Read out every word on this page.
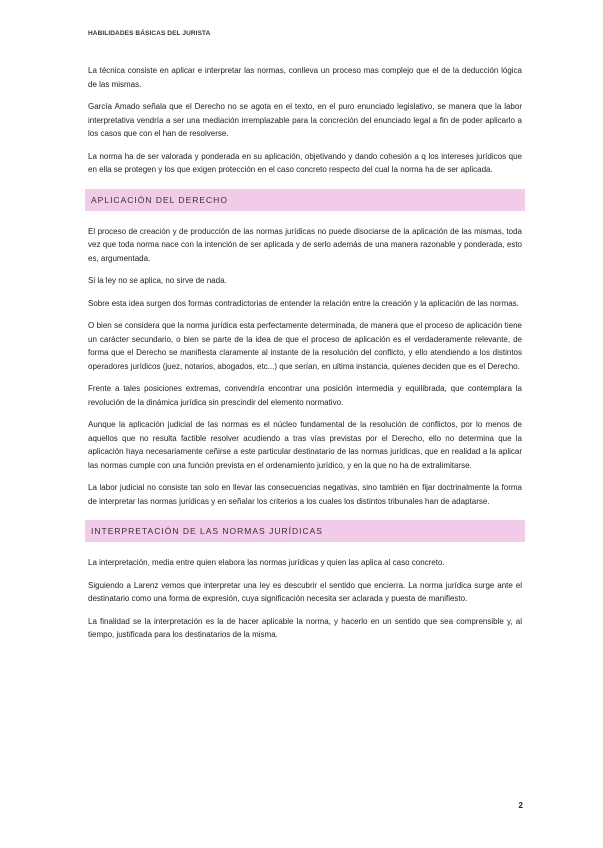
HABILIDADES BÁSICAS DEL JURISTA

La técnica consiste en aplicar e interpretar las normas, conlleva un proceso mas complejo que el de la deducción lógica de las mismas.

García Amado señala que el Derecho no se agota en el texto, en el puro enunciado legislativo, se manera que la labor interpretativa vendría a ser una mediación irremplazable para la concreción del enunciado legal a fin de poder aplicarlo a los casos que con el han de resolverse.

La norma ha de ser valorada y ponderada en su aplicación, objetivando y dando cohesión a q los intereses jurídicos que en ella se protegen y los que exigen protección en el caso concreto respecto del cual la norma ha de ser aplicada.

APLICACIÓN DEL DERECHO

El proceso de creación y de producción de las normas jurídicas no puede disociarse de la aplicación de las mismas, toda vez que toda norma nace con la intención de ser aplicada y de serlo además de una manera razonable y ponderada, esto es, argumentada.

Si la ley no se aplica, no sirve de nada.

Sobre esta idea surgen dos formas contradictorias de entender la relación entre la creación y la aplicación de las normas.

O bien se considera que la norma jurídica esta perfectamente determinada, de manera que el proceso de aplicación tiene un carácter secundario, o bien se parte de la idea de que el proceso de aplicación es el verdaderamente relevante, de forma que el Derecho se manifiesta claramente al instante de la resolución del conflicto, y ello atendiendo a los distintos operadores jurídicos (juez, notarios, abogados, etc...) que serían, en ultima instancia, quienes deciden que es el Derecho.

Frente a tales posiciones extremas, convendría encontrar una posición intermedia y equilibrada, que contemplara la revolución de la dinámica jurídica sin prescindir del elemento normativo.

Aunque la aplicación judicial de las normas es el núcleo fundamental de la resolución de conflictos, por lo menos de aquellos que no resulta factible resolver acudiendo a tras vías previstas por el Derecho, ello no determina que la aplicación haya necesariamente ceñirse a este particular destinatario de las normas jurídicas, que en realidad a la aplicar las normas cumple con una función prevista en el ordenamiento jurídico, y en la que no ha de extralimitarse.

La labor judicial no consiste tan solo en llevar las consecuencias negativas, sino también en fijar doctrinalmente la forma de interpretar las normas jurídicas y en señalar los criterios a los cuales los distintos tribunales han de adaptarse.

INTERPRETACIÓN DE LAS NORMAS JURÍDICAS

La interpretación, media entre quien elabora las normas jurídicas y quien las aplica al caso concreto.

Siguiendo a Larenz vemos que interpretar una ley es descubrir el sentido que encierra. La norma jurídica surge ante el destinatario como una forma de expresión, cuya significación necesita ser aclarada y puesta de manifiesto.

La finalidad se la interpretación es la de hacer aplicable la norma, y hacerlo en un sentido que sea comprensible y, al tiempo, justificada para los destinatarios de la misma.

2
